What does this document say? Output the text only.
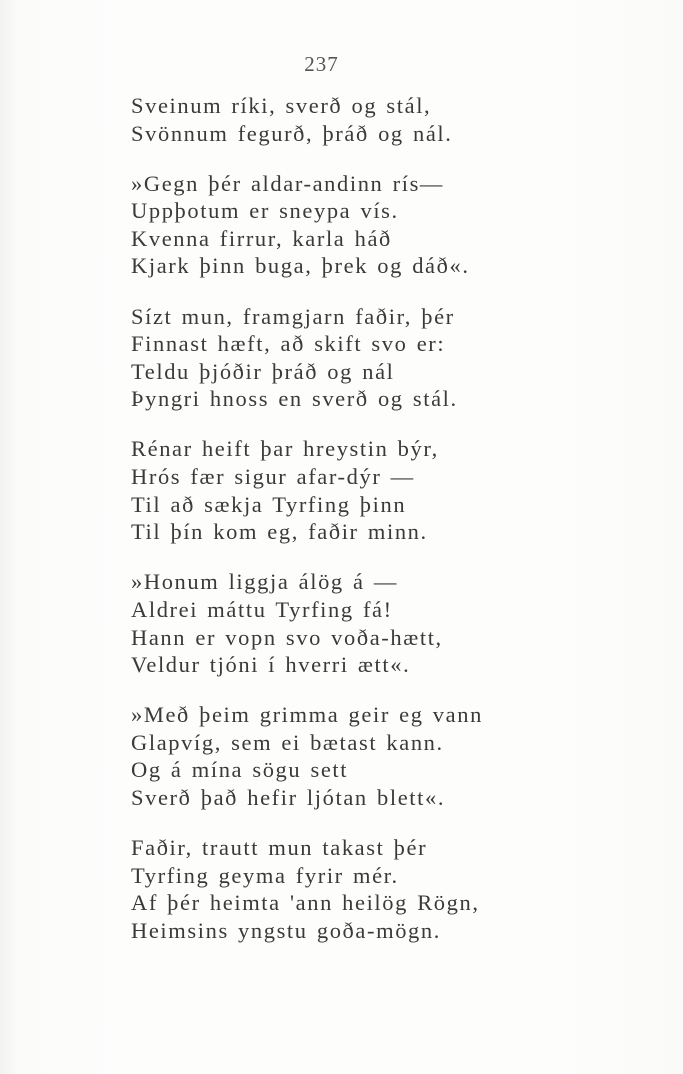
237
Sveinum ríki, sverð og stál,
Svönnum fegurð, þráð og nál.
»Gegn þér aldar-andinn rís—
Uppþotum er sneypa vís.
Kvenna firrur, karla háð
Kjark þinn buga, þrek og dáð«.
Sízt mun, framgjarn faðir, þér
Finnast hæft, að skift svo er:
Teldu þjóðir þráð og nál
Þyngri hnoss en sverð og stál.
Rénar heift þar hreystin býr,
Hrós fær sigur afar-dýr —
Til að sækja Tyrfing þinn
Til þín kom eg, faðir minn.
»Honum liggja álög á —
Aldrei máttu Tyrfing fá!
Hann er vopn svo voða-hætt,
Veldur tjóni í hverri ætt«.
»Með þeim grimma geir eg vann
Glapvíg, sem ei bætast kann.
Og á mína sögu sett
Sverð það hefir ljótan blett«.
Faðir, trautt mun takast þér
Tyrfing geyma fyrir mér.
Af þér heimta 'ann heilög Rögn,
Heimsins yngstu goða-mögn.
